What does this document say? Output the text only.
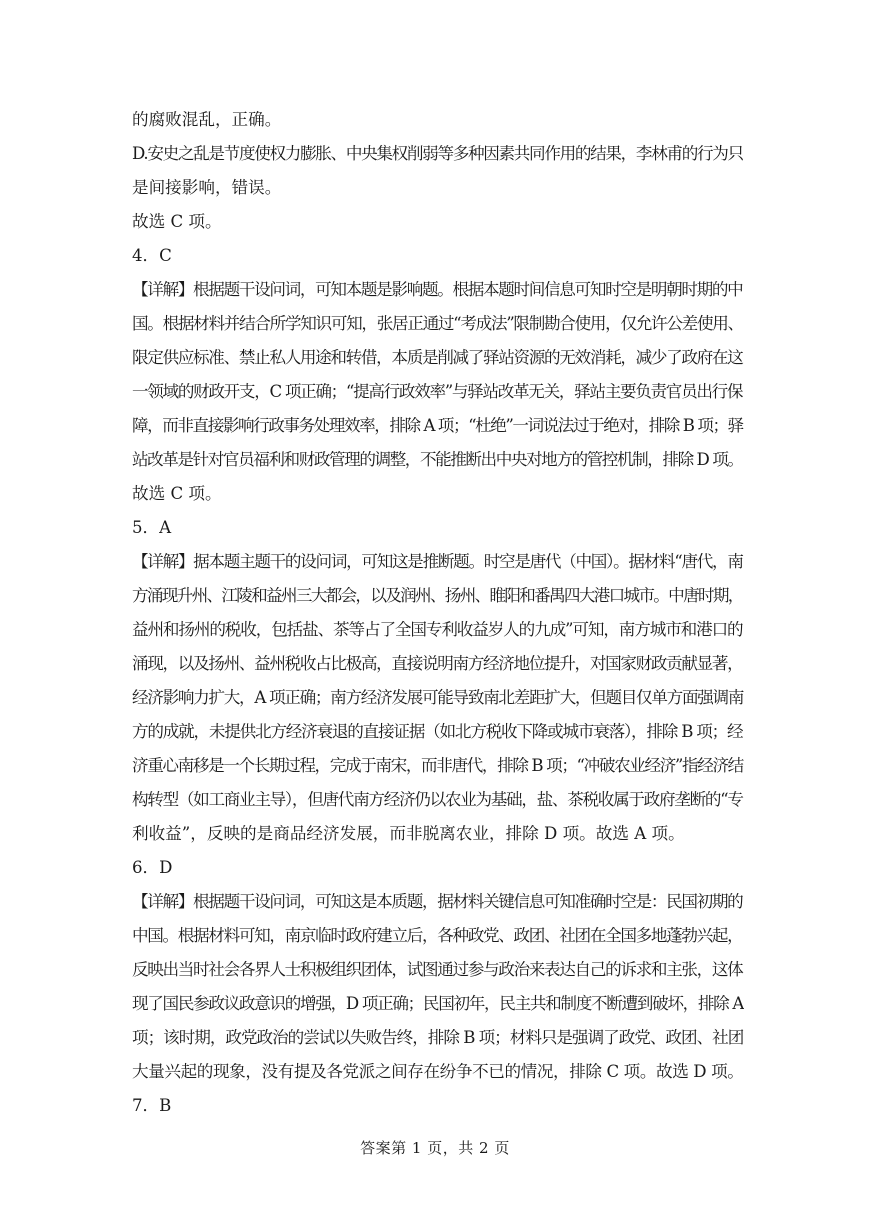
的腐败混乱，正确。
D.安史之乱是节度使权力膨胀、中央集权削弱等多种因素共同作用的结果，李林甫的行为只
是间接影响，错误。
故选 C 项。
4．C
【详解】根据题干设问词，可知本题是影响题。根据本题时间信息可知时空是明朝时期的中
国。根据材料并结合所学知识可知，张居正通过“考成法”限制勘合使用，仅允许公差使用、
限定供应标准、禁止私人用途和转借，本质是削减了驿站资源的无效消耗，减少了政府在这
一领域的财政开支，C 项正确；“提高行政效率”与驿站改革无关，驿站主要负责官员出行保
障，而非直接影响行政事务处理效率，排除 A 项；“杜绝”一词说法过于绝对，排除 B 项；驿
站改革是针对官员福利和财政管理的调整，不能推断出中央对地方的管控机制，排除 D 项。
故选 C 项。
5．A
【详解】据本题主题干的设问词，可知这是推断题。时空是唐代（中国）。据材料“唐代，南
方涌现升州、江陵和益州三大都会，以及润州、扬州、睢阳和番禺四大港口城市。中唐时期，
益州和扬州的税收，包括盐、茶等占了全国专利收益岁人的九成”可知，南方城市和港口的
涌现，以及扬州、益州税收占比极高，直接说明南方经济地位提升，对国家财政贡献显著，
经济影响力扩大，A 项正确；南方经济发展可能导致南北差距扩大，但题目仅单方面强调南
方的成就，未提供北方经济衰退的直接证据（如北方税收下降或城市衰落），排除 B 项；经
济重心南移是一个长期过程，完成于南宋，而非唐代，排除 B 项；“冲破农业经济”指经济结
构转型（如工商业主导），但唐代南方经济仍以农业为基础，盐、茶税收属于政府垄断的“专
利收益”，反映的是商品经济发展，而非脱离农业，排除 D 项。故选 A 项。
6．D
【详解】根据题干设问词，可知这是本质题，据材料关键信息可知准确时空是：民国初期的
中国。根据材料可知，南京临时政府建立后，各种政党、政团、社团在全国多地蓬勃兴起，
反映出当时社会各界人士积极组织团体，试图通过参与政治来表达自己的诉求和主张，这体
现了国民参政议政意识的增强，D 项正确；民国初年，民主共和制度不断遭到破坏，排除 A
项；该时期，政党政治的尝试以失败告终，排除 B 项；材料只是强调了政党、政团、社团
大量兴起的现象，没有提及各党派之间存在纷争不已的情况，排除 C 项。故选 D 项。
7．B
答案第 1 页，共 2 页
